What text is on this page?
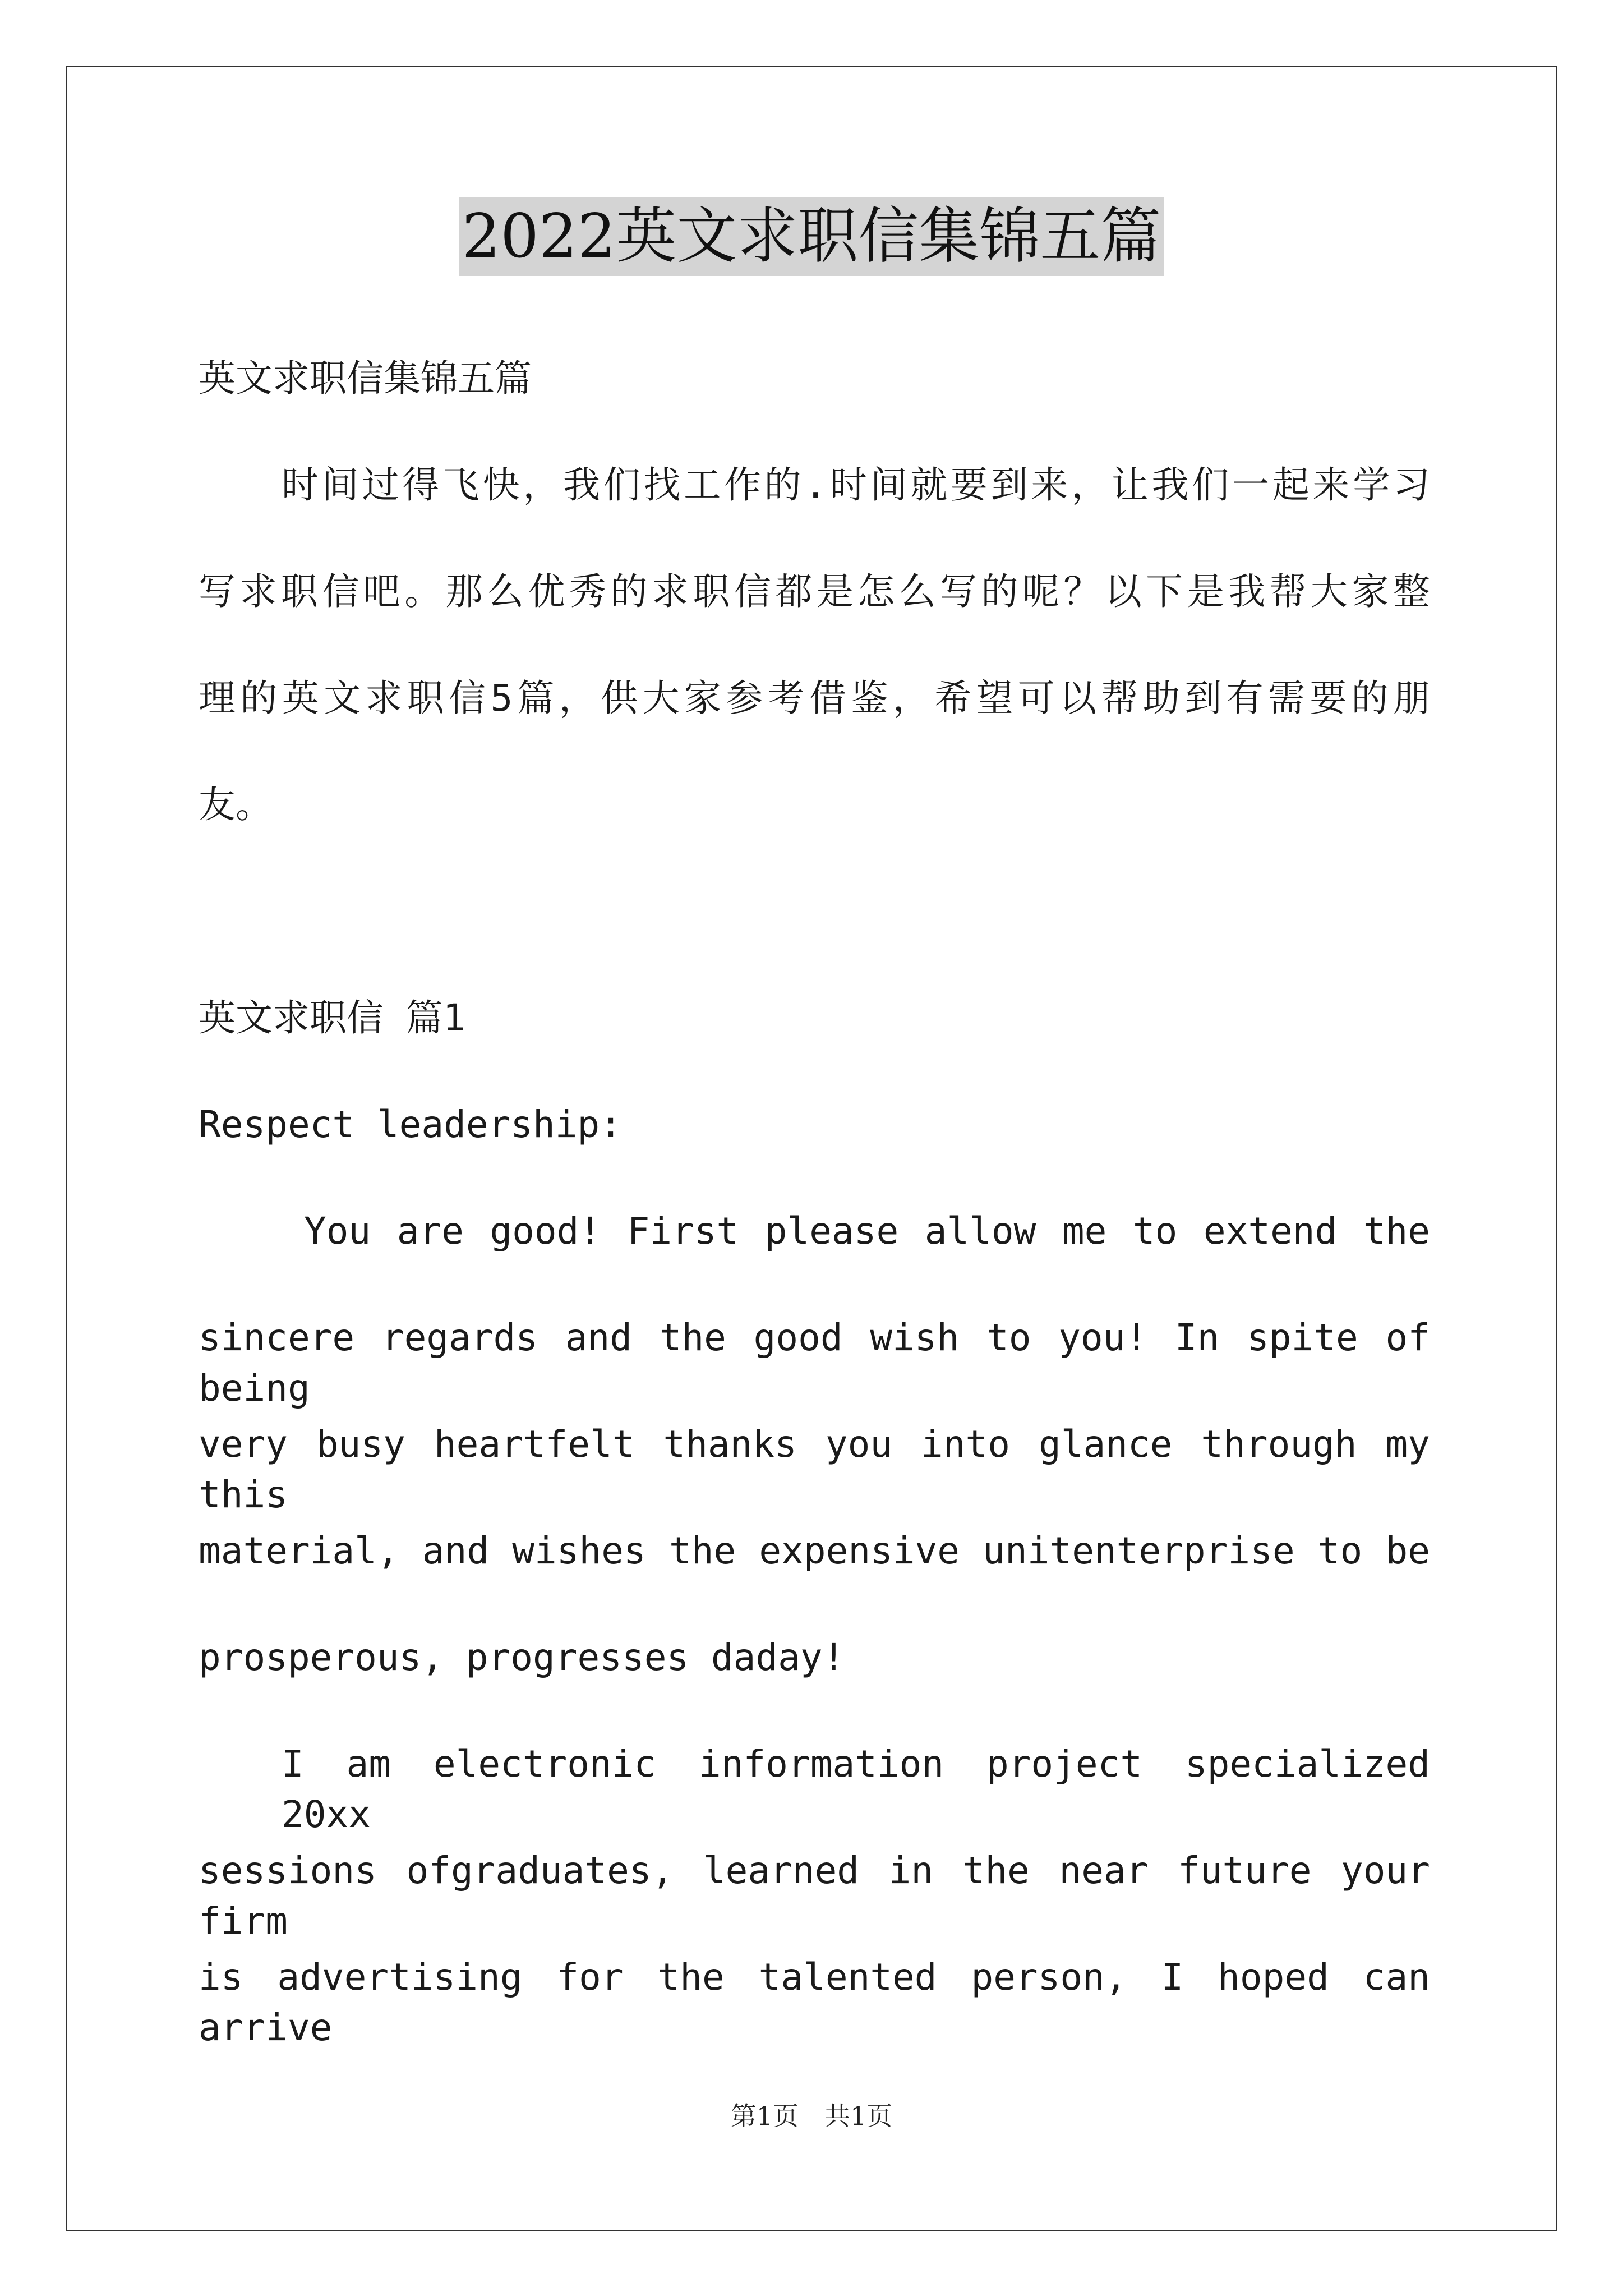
2022英文求职信集锦五篇
英文求职信集锦五篇
时间过得飞快，我们找工作的.时间就要到来，让我们一起来学习
写求职信吧。那么优秀的求职信都是怎么写的呢？以下是我帮大家整
理的英文求职信5篇，供大家参考借鉴，希望可以帮助到有需要的朋
友。
英文求职信 篇1
Respect leadership:
You are good! First please allow me to extend the
sincere regards and the good wish to you! In spite of being
very busy heartfelt thanks you into glance through my this
material, and wishes the expensive unitenterprise to be
prosperous, progresses daday!
I am electronic information project specialized 20xx
sessions ofgraduates, learned in the near future your firm
is advertising for the talented person, I hoped can arrive
第1页　共1页
